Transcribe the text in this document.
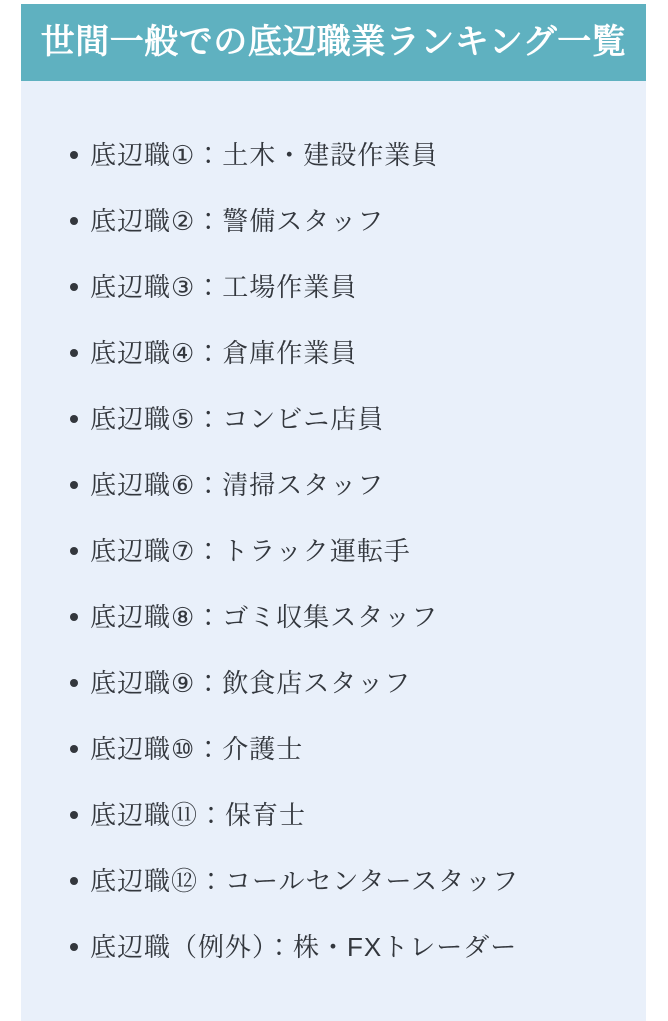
世間一般での底辺職業ランキング一覧
底辺職①：土木・建設作業員
底辺職②：警備スタッフ
底辺職③：工場作業員
底辺職④：倉庫作業員
底辺職⑤：コンビニ店員
底辺職⑥：清掃スタッフ
底辺職⑦：トラック運転手
底辺職⑧：ゴミ収集スタッフ
底辺職⑨：飲食店スタッフ
底辺職⑩：介護士
底辺職⑪：保育士
底辺職⑫：コールセンタースタッフ
底辺職（例外）：株・FXトレーダー
